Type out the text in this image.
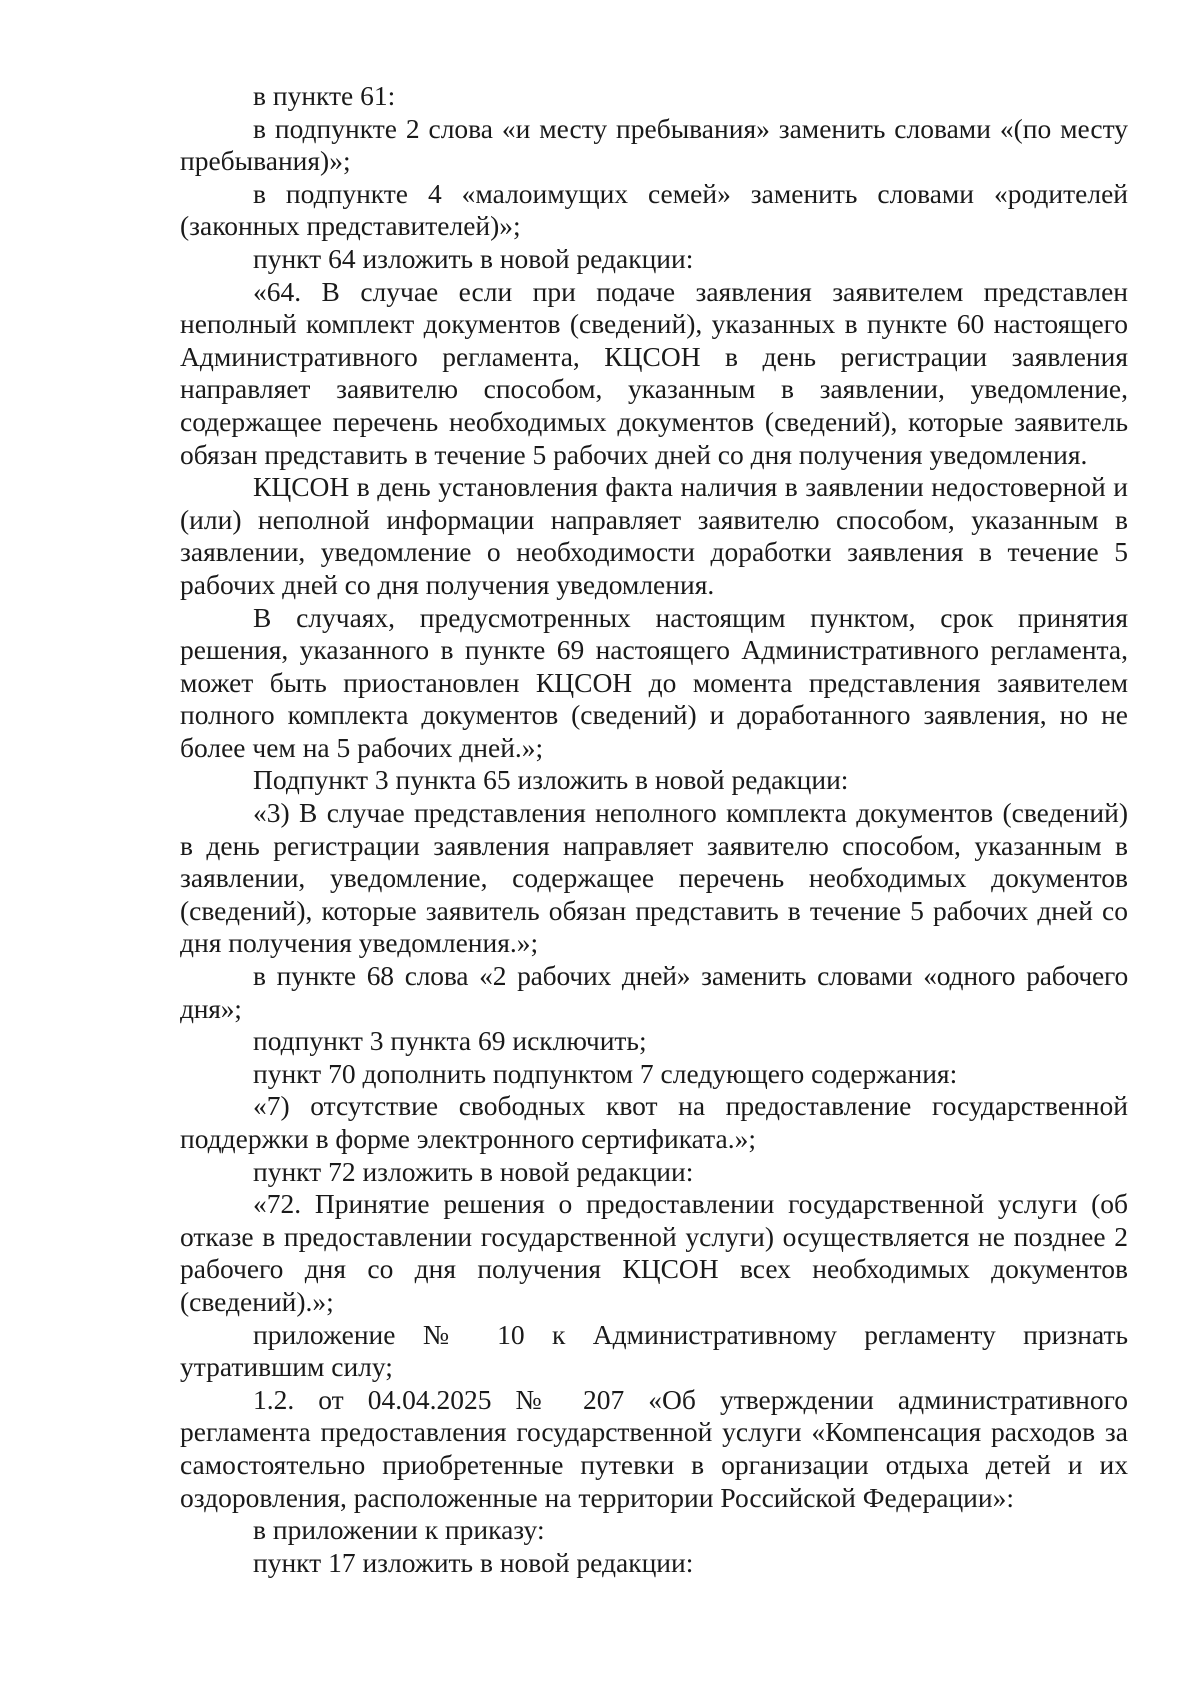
в пункте 61:

в подпункте 2 слова «и месту пребывания» заменить словами «(по месту пребывания)»;

в подпункте 4 «малоимущих семей» заменить словами «родителей (законных представителей)»;

пункт 64 изложить в новой редакции:

«64. В случае если при подаче заявления заявителем представлен неполный комплект документов (сведений), указанных в пункте 60 настоящего Административного регламента, КЦСОН в день регистрации заявления направляет заявителю способом, указанным в заявлении, уведомление, содержащее перечень необходимых документов (сведений), которые заявитель обязан представить в течение 5 рабочих дней со дня получения уведомления.

КЦСОН в день установления факта наличия в заявлении недостоверной и (или) неполной информации направляет заявителю способом, указанным в заявлении, уведомление о необходимости доработки заявления в течение 5 рабочих дней со дня получения уведомления.

В случаях, предусмотренных настоящим пунктом, срок принятия решения, указанного в пункте 69 настоящего Административного регламента, может быть приостановлен КЦСОН до момента представления заявителем полного комплекта документов (сведений) и доработанного заявления, но не более чем на 5 рабочих дней.»;

Подпункт 3 пункта 65 изложить в новой редакции:

«3) В случае представления неполного комплекта документов (сведений) в день регистрации заявления направляет заявителю способом, указанным в заявлении, уведомление, содержащее перечень необходимых документов (сведений), которые заявитель обязан представить в течение 5 рабочих дней со дня получения уведомления.»;

в пункте 68 слова «2 рабочих дней» заменить словами «одного рабочего дня»;

подпункт 3 пункта 69 исключить;

пункт 70 дополнить подпунктом 7 следующего содержания:

«7) отсутствие свободных квот на предоставление государственной поддержки в форме электронного сертификата.»;

пункт 72 изложить в новой редакции:

«72. Принятие решения о предоставлении государственной услуги (об отказе в предоставлении государственной услуги) осуществляется не позднее 2 рабочего дня со дня получения КЦСОН всех необходимых документов (сведений).»;

приложение № 10 к Административному регламенту признать утратившим силу;

1.2. от 04.04.2025 № 207 «Об утверждении административного регламента предоставления государственной услуги «Компенсация расходов за самостоятельно приобретенные путевки в организации отдыха детей и их оздоровления, расположенные на территории Российской Федерации»:

в приложении к приказу:

пункт 17 изложить в новой редакции:
